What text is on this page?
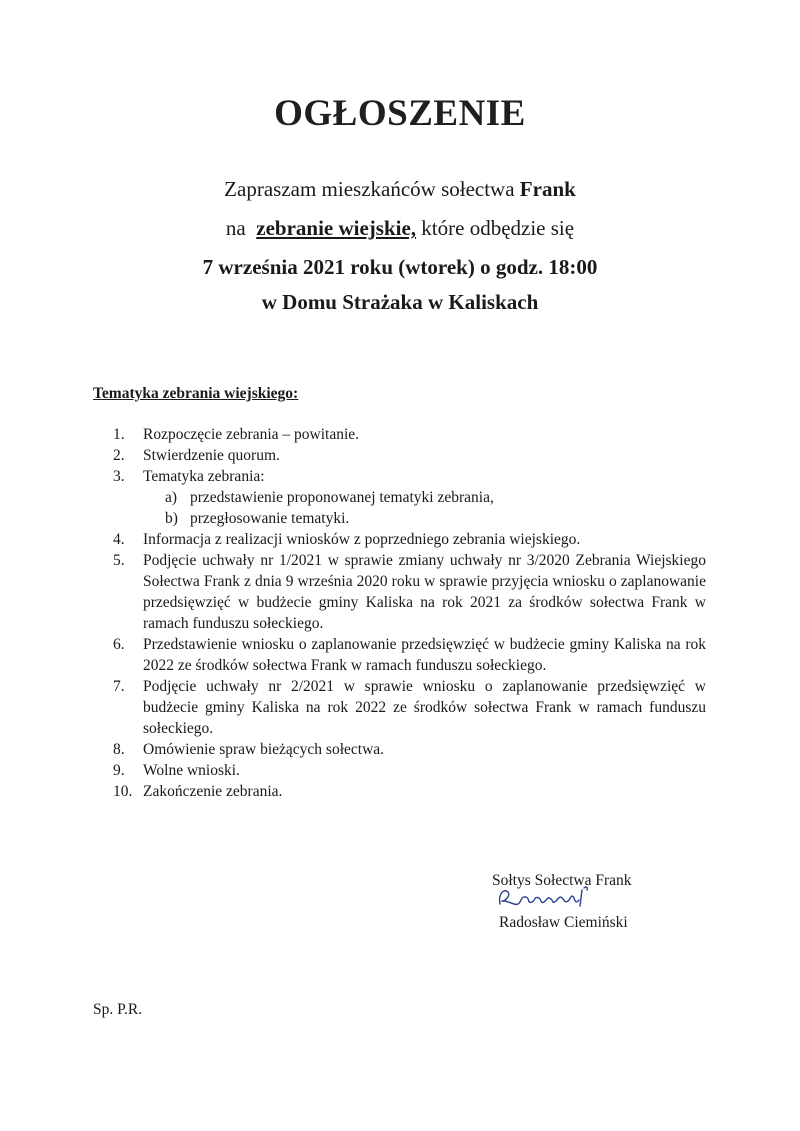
OGŁOSZENIE

Zapraszam mieszkańców sołectwa Frank

na  zebranie wiejskie, które odbędzie się

7 września 2021 roku (wtorek) o godz. 18:00

w Domu Strażaka w Kaliskach

Tematyka zebrania wiejskiego:

1. Rozpoczęcie zebrania – powitanie.
2. Stwierdzenie quorum.
3. Tematyka zebrania:
a) przedstawienie proponowanej tematyki zebrania,
b) przegłosowanie tematyki.
4. Informacja z realizacji wniosków z poprzedniego zebrania wiejskiego.
5. Podjęcie uchwały nr 1/2021 w sprawie zmiany uchwały nr 3/2020 Zebrania Wiejskiego Sołectwa Frank z dnia 9 września 2020 roku w sprawie przyjęcia wniosku o zaplanowanie przedsięwzięć w budżecie gminy Kaliska na rok 2021 za środków sołectwa Frank w ramach funduszu sołeckiego.
6. Przedstawienie wniosku o zaplanowanie przedsięwzięć w budżecie gminy Kaliska na rok 2022 ze środków sołectwa Frank w ramach funduszu sołeckiego.
7. Podjęcie uchwały nr 2/2021 w sprawie wniosku o zaplanowanie przedsięwzięć w budżecie gminy Kaliska na rok 2022 ze środków sołectwa Frank w ramach funduszu sołeckiego.
8. Omówienie spraw bieżących sołectwa.
9. Wolne wnioski.
10. Zakończenie zebrania.
Sołtys Sołectwa Frank
Radosław Ciemiński
Sp. P.R.
